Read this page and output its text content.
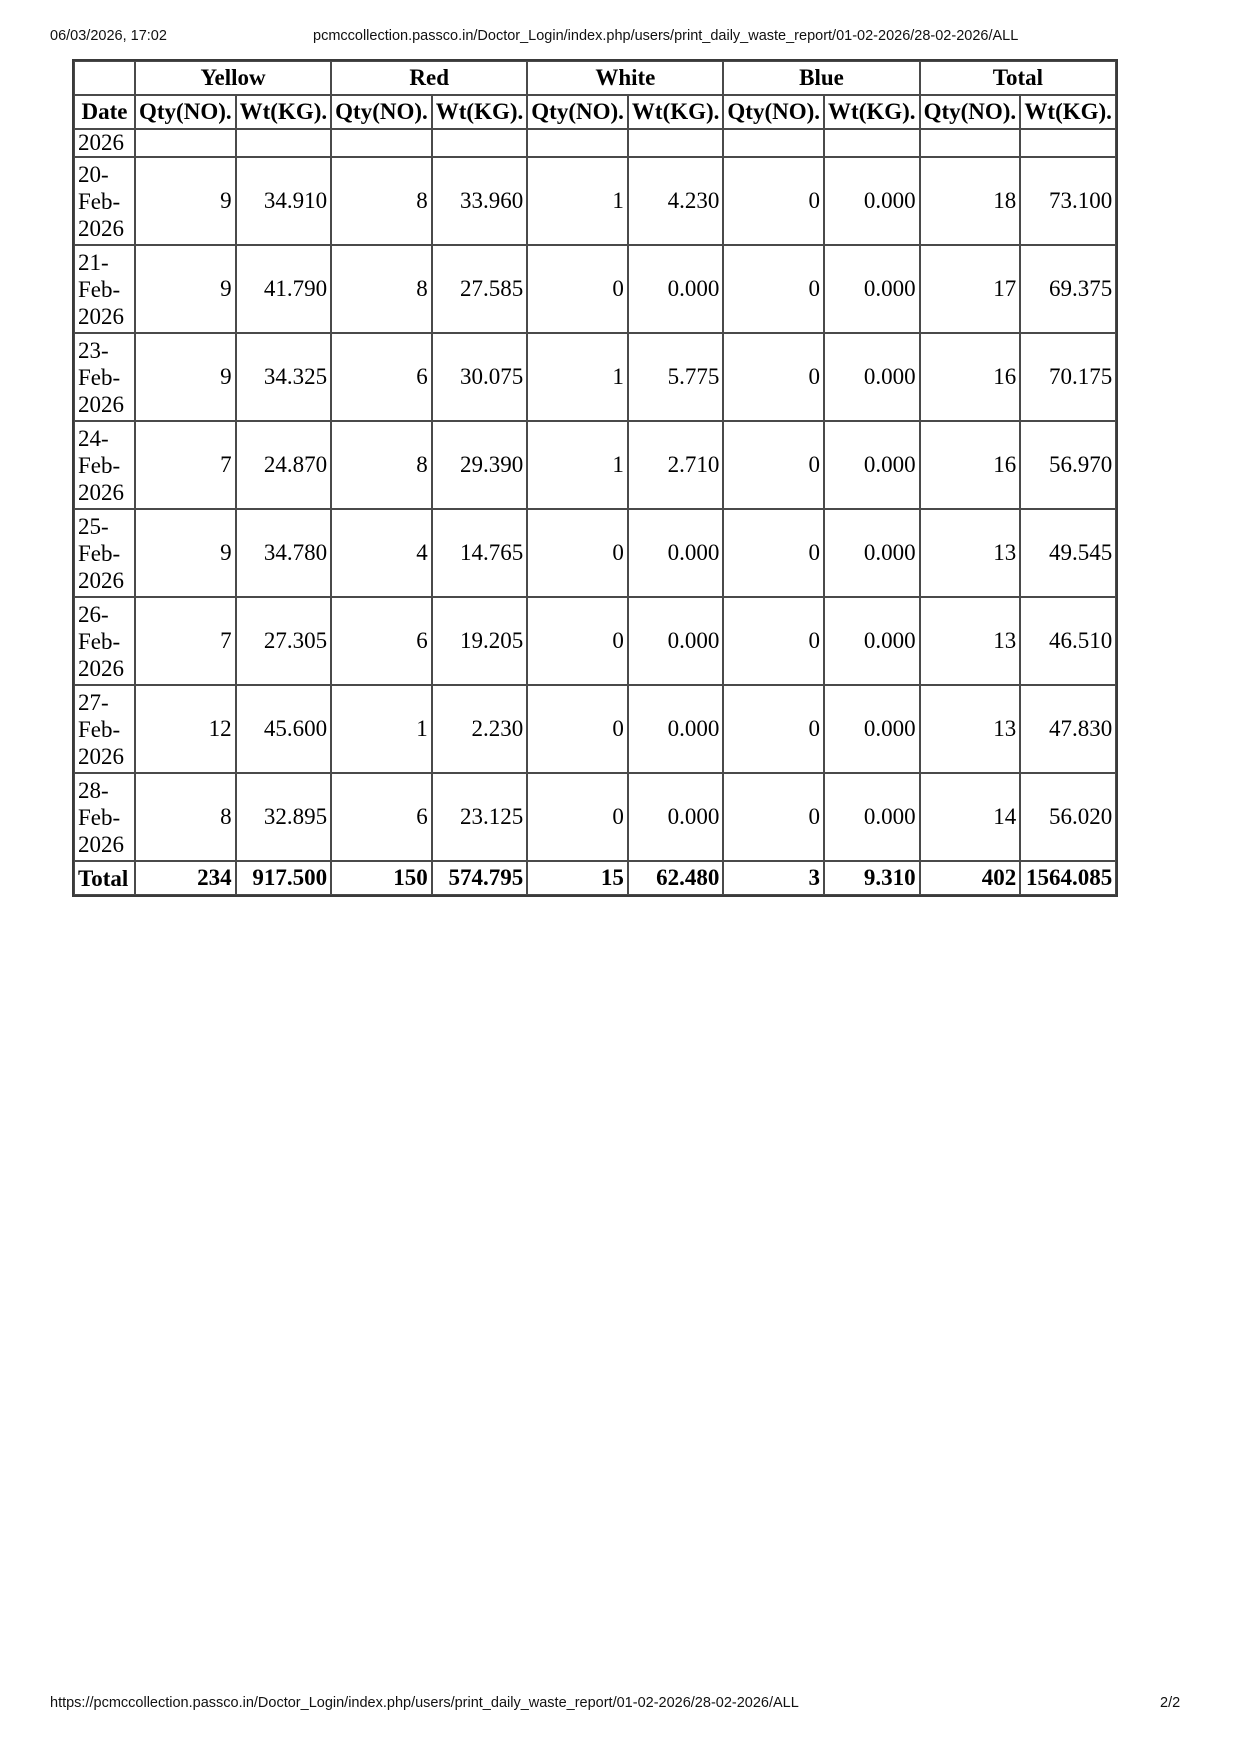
06/03/2026, 17:02	pcmccollection.passco.in/Doctor_Login/index.php/users/print_daily_waste_report/01-02-2026/28-02-2026/ALL
	Yellow		Red		White		Blue		Total	
Date	Qty(NO).	Wt(KG).	Qty(NO).	Wt(KG).	Qty(NO).	Wt(KG).	Qty(NO).	Wt(KG).	Qty(NO).	Wt(KG).
2026										

20-
Feb-
2026	9	34.910	8	33.960	1	4.230	0	0.000	18	73.100

21-
Feb-
2026	9	41.790	8	27.585	0	0.000	0	0.000	17	69.375

23-
Feb-
2026	9	34.325	6	30.075	1	5.775	0	0.000	16	70.175

24-
Feb-
2026	7	24.870	8	29.390	1	2.710	0	0.000	16	56.970

25-
Feb-
2026	9	34.780	4	14.765	0	0.000	0	0.000	13	49.545

26-
Feb-
2026	7	27.305	6	19.205	0	0.000	0	0.000	13	46.510

27-
Feb-
2026	12	45.600	1	2.230	0	0.000	0	0.000	13	47.830

28-
Feb-
2026	8	32.895	6	23.125	0	0.000	0	0.000	14	56.020
Total	234	917.500	150	574.795	15	62.480	3	9.310	402	1564.085
https://pcmccollection.passco.in/Doctor_Login/index.php/users/print_daily_waste_report/01-02-2026/28-02-2026/ALL	2/2
